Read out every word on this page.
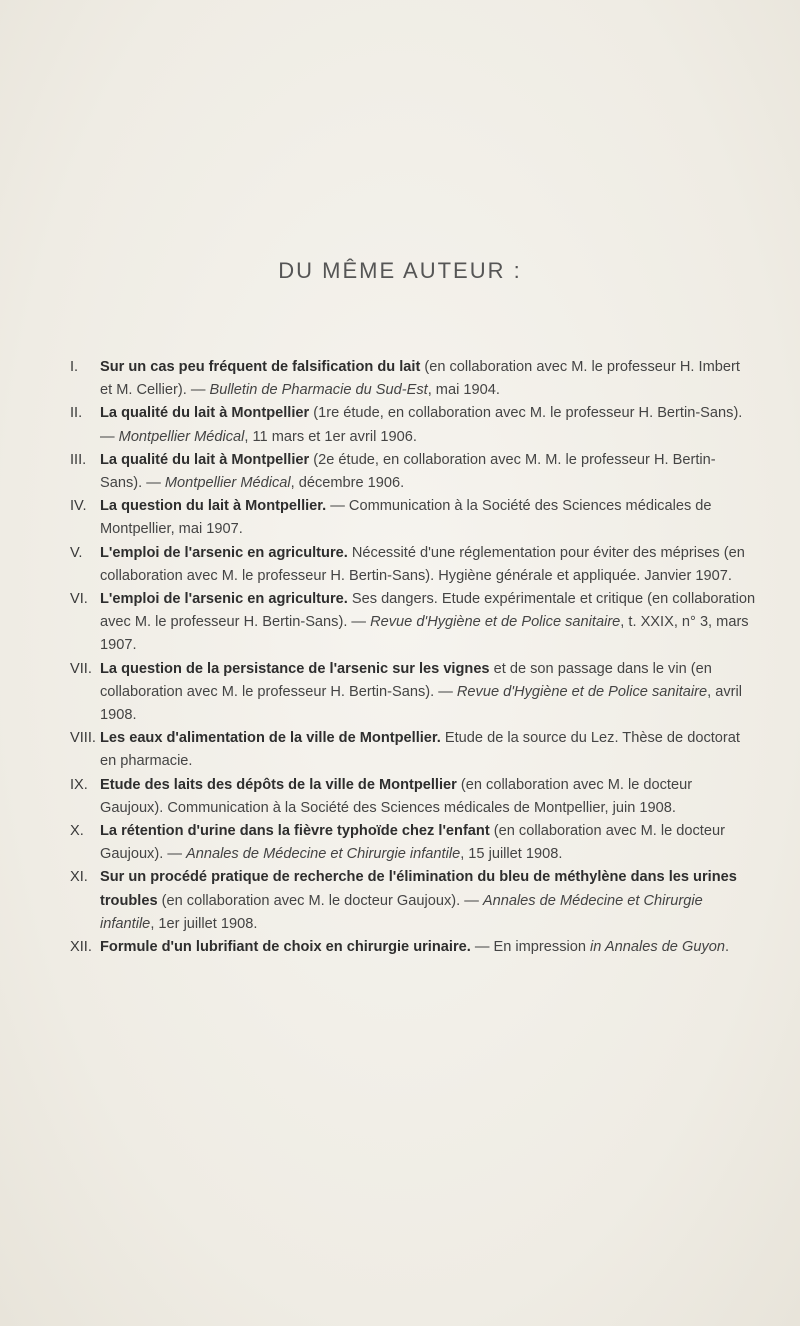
DU MÊME AUTEUR :
I.	Sur un cas peu fréquent de falsification du lait (en collaboration avec M. le professeur H. Imbert et M. Cellier). — Bulletin de Pharmacie du Sud-Est, mai 1904.
II.	La qualité du lait à Montpellier (1re étude, en collaboration avec M. le professeur H. Bertin-Sans). — Montpellier Médical, 11 mars et 1er avril 1906.
III. La qualité du lait à Montpellier (2e étude, en collaboration avec M. M. le professeur H. Bertin-Sans). — Montpellier Médical, décembre 1906.
IV. La question du lait à Montpellier. — Communication à la Société des Sciences médicales de Montpellier, mai 1907.
V.	L'emploi de l'arsenic en agriculture. Nécessité d'une réglementation pour éviter des méprises (en collaboration avec M. le professeur H. Bertin-Sans). Hygiène générale et appliquée. Janvier 1907.
VI. L'emploi de l'arsenic en agriculture. Ses dangers. Etude expérimentale et critique (en collaboration avec M. le professeur H. Bertin-Sans). — Revue d'Hygiène et de Police sanitaire, t. XXIX, n° 3, mars 1907.
VII. La question de la persistance de l'arsenic sur les vignes et de son passage dans le vin (en collaboration avec M. le professeur H. Bertin-Sans). — Revue d'Hygiène et de Police sanitaire, avril 1908.
VIII. Les eaux d'alimentation de la ville de Montpellier. Etude de la source du Lez. Thèse de doctorat en pharmacie.
IX. Etude des laits des dépôts de la ville de Montpellier (en collaboration avec M. le docteur Gaujoux). Communication à la Société des Sciences médicales de Montpellier, juin 1908.
X.	La rétention d'urine dans la fièvre typhoïde chez l'enfant (en collaboration avec M. le docteur Gaujoux). — Annales de Médecine et Chirurgie infantile, 15 juillet 1908.
XI. Sur un procédé pratique de recherche de l'élimination du bleu de méthylène dans les urines troubles (en collaboration avec M. le docteur Gaujoux). — Annales de Médecine et Chirurgie infantile, 1er juillet 1908.
XII. Formule d'un lubrifiant de choix en chirurgie urinaire. — En impression in Annales de Guyon.
